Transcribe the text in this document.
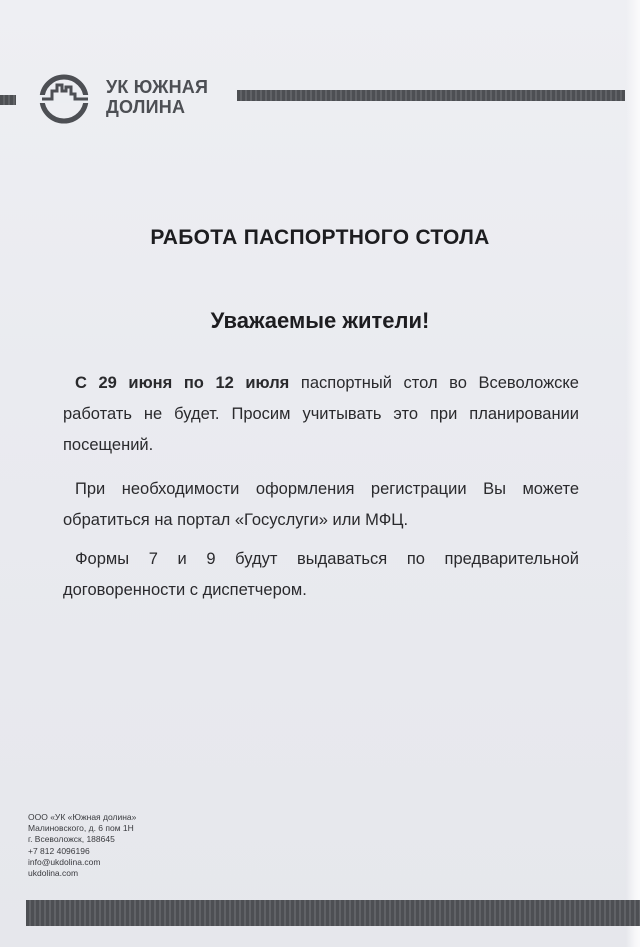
УК ЮЖНАЯ
ДОЛИНА
РАБОТА ПАСПОРТНОГО СТОЛА
Уважаемые жители!

С 29 июня по 12 июля паспортный стол во Всеволожске работать не будет. Просим учитывать это при планировании посещений.

При необходимости оформления регистрации Вы можете обратиться на портал «Госуслуги» или МФЦ.

Формы 7 и 9 будут выдаваться по предварительной договоренности с диспетчером.

ООО «УК «Южная долина»
Малиновского, д. 6 пом 1Н
г. Всеволожск, 188645
+7 812 4096196
info@ukdolina.com
ukdolina.com
